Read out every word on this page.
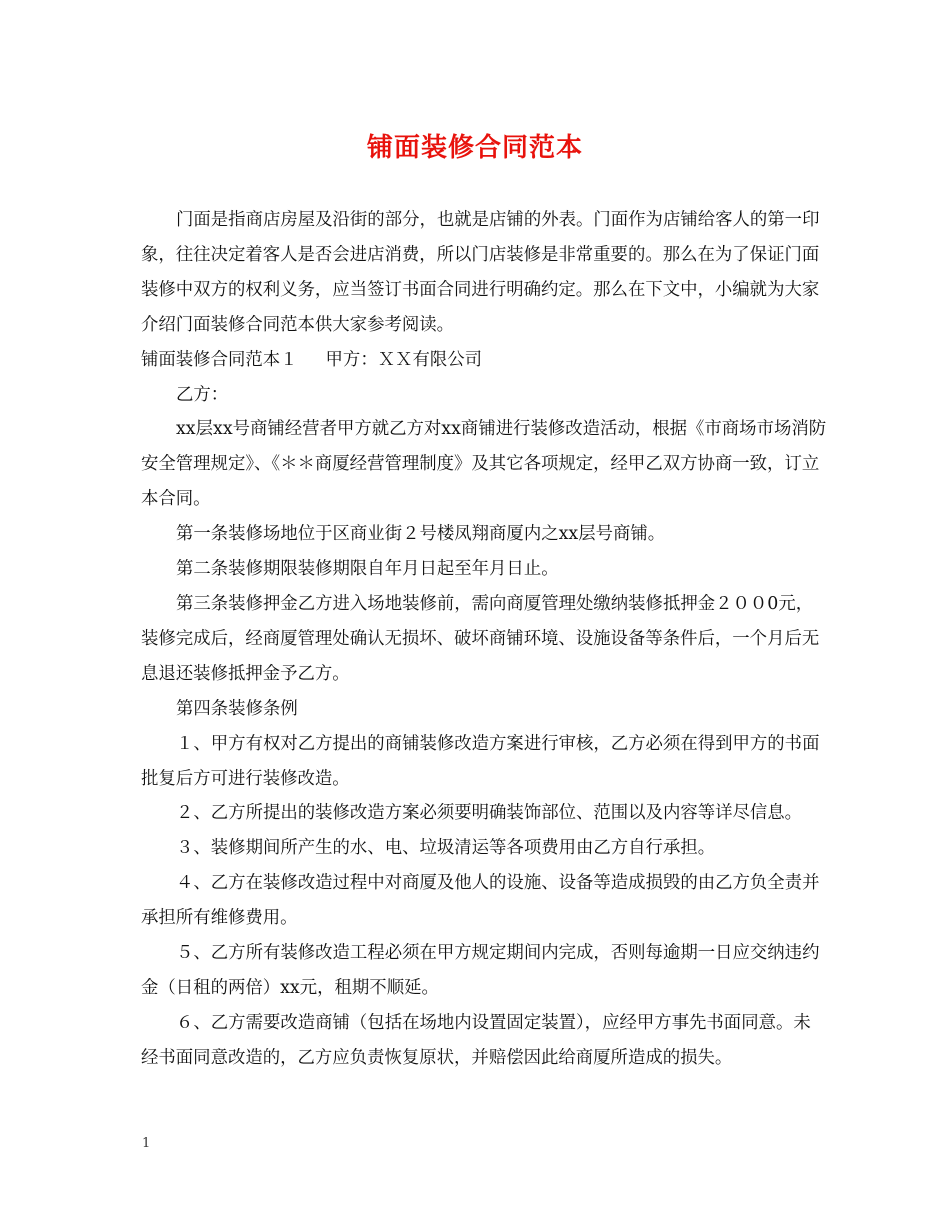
铺面装修合同范本

门面是指商店房屋及沿街的部分，也就是店铺的外表。门面作为店铺给客人的第一印象，往往决定着客人是否会进店消费，所以门店装修是非常重要的。那么在为了保证门面装修中双方的权利义务，应当签订书面合同进行明确约定。那么在下文中，小编就为大家介绍门面装修合同范本供大家参考阅读。

铺面装修合同范本１ 甲方：ＸＸ有限公司

乙方：

xx层xx号商铺经营者甲方就乙方对xx商铺进行装修改造活动，根据《市商场市场消防安全管理规定》、《＊＊商厦经营管理制度》及其它各项规定，经甲乙双方协商一致，订立本合同。

第一条装修场地位于区商业街２号楼凤翔商厦内之xx层号商铺。

第二条装修期限装修期限自年月日起至年月日止。

第三条装修押金乙方进入场地装修前，需向商厦管理处缴纳装修抵押金２００0元，装修完成后，经商厦管理处确认无损坏、破坏商铺环境、设施设备等条件后，一个月后无息退还装修抵押金予乙方。

第四条装修条例

１、甲方有权对乙方提出的商铺装修改造方案进行审核，乙方必须在得到甲方的书面批复后方可进行装修改造。

２、乙方所提出的装修改造方案必须要明确装饰部位、范围以及内容等详尽信息。

３、装修期间所产生的水、电、垃圾清运等各项费用由乙方自行承担。

４、乙方在装修改造过程中对商厦及他人的设施、设备等造成损毁的由乙方负全责并承担所有维修费用。

５、乙方所有装修改造工程必须在甲方规定期间内完成，否则每逾期一日应交纳违约金（日租的两倍）xx元，租期不顺延。

６、乙方需要改造商铺（包括在场地内设置固定装置），应经甲方事先书面同意。未经书面同意改造的，乙方应负责恢复原状，并赔偿因此给商厦所造成的损失。

1
